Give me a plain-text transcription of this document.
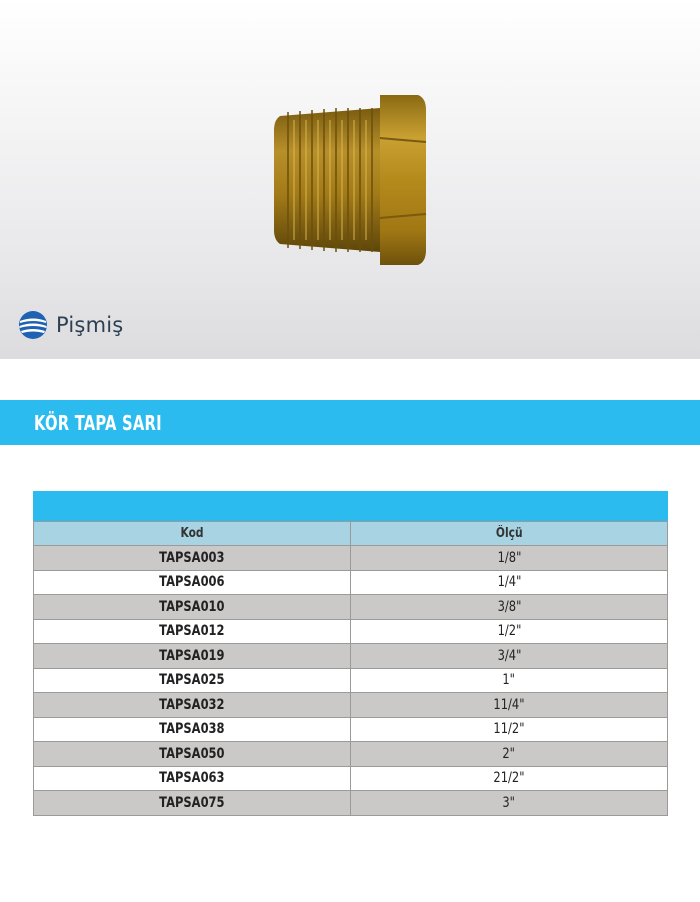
Pişmiş
KÖR TAPA SARI
Kod	Ölçü
TAPSA003	1/8"
TAPSA006	1/4"
TAPSA010	3/8"
TAPSA012	1/2"
TAPSA019	3/4"
TAPSA025	1"
TAPSA032	11/4"
TAPSA038	11/2"
TAPSA050	2"
TAPSA063	21/2"
TAPSA075	3"
